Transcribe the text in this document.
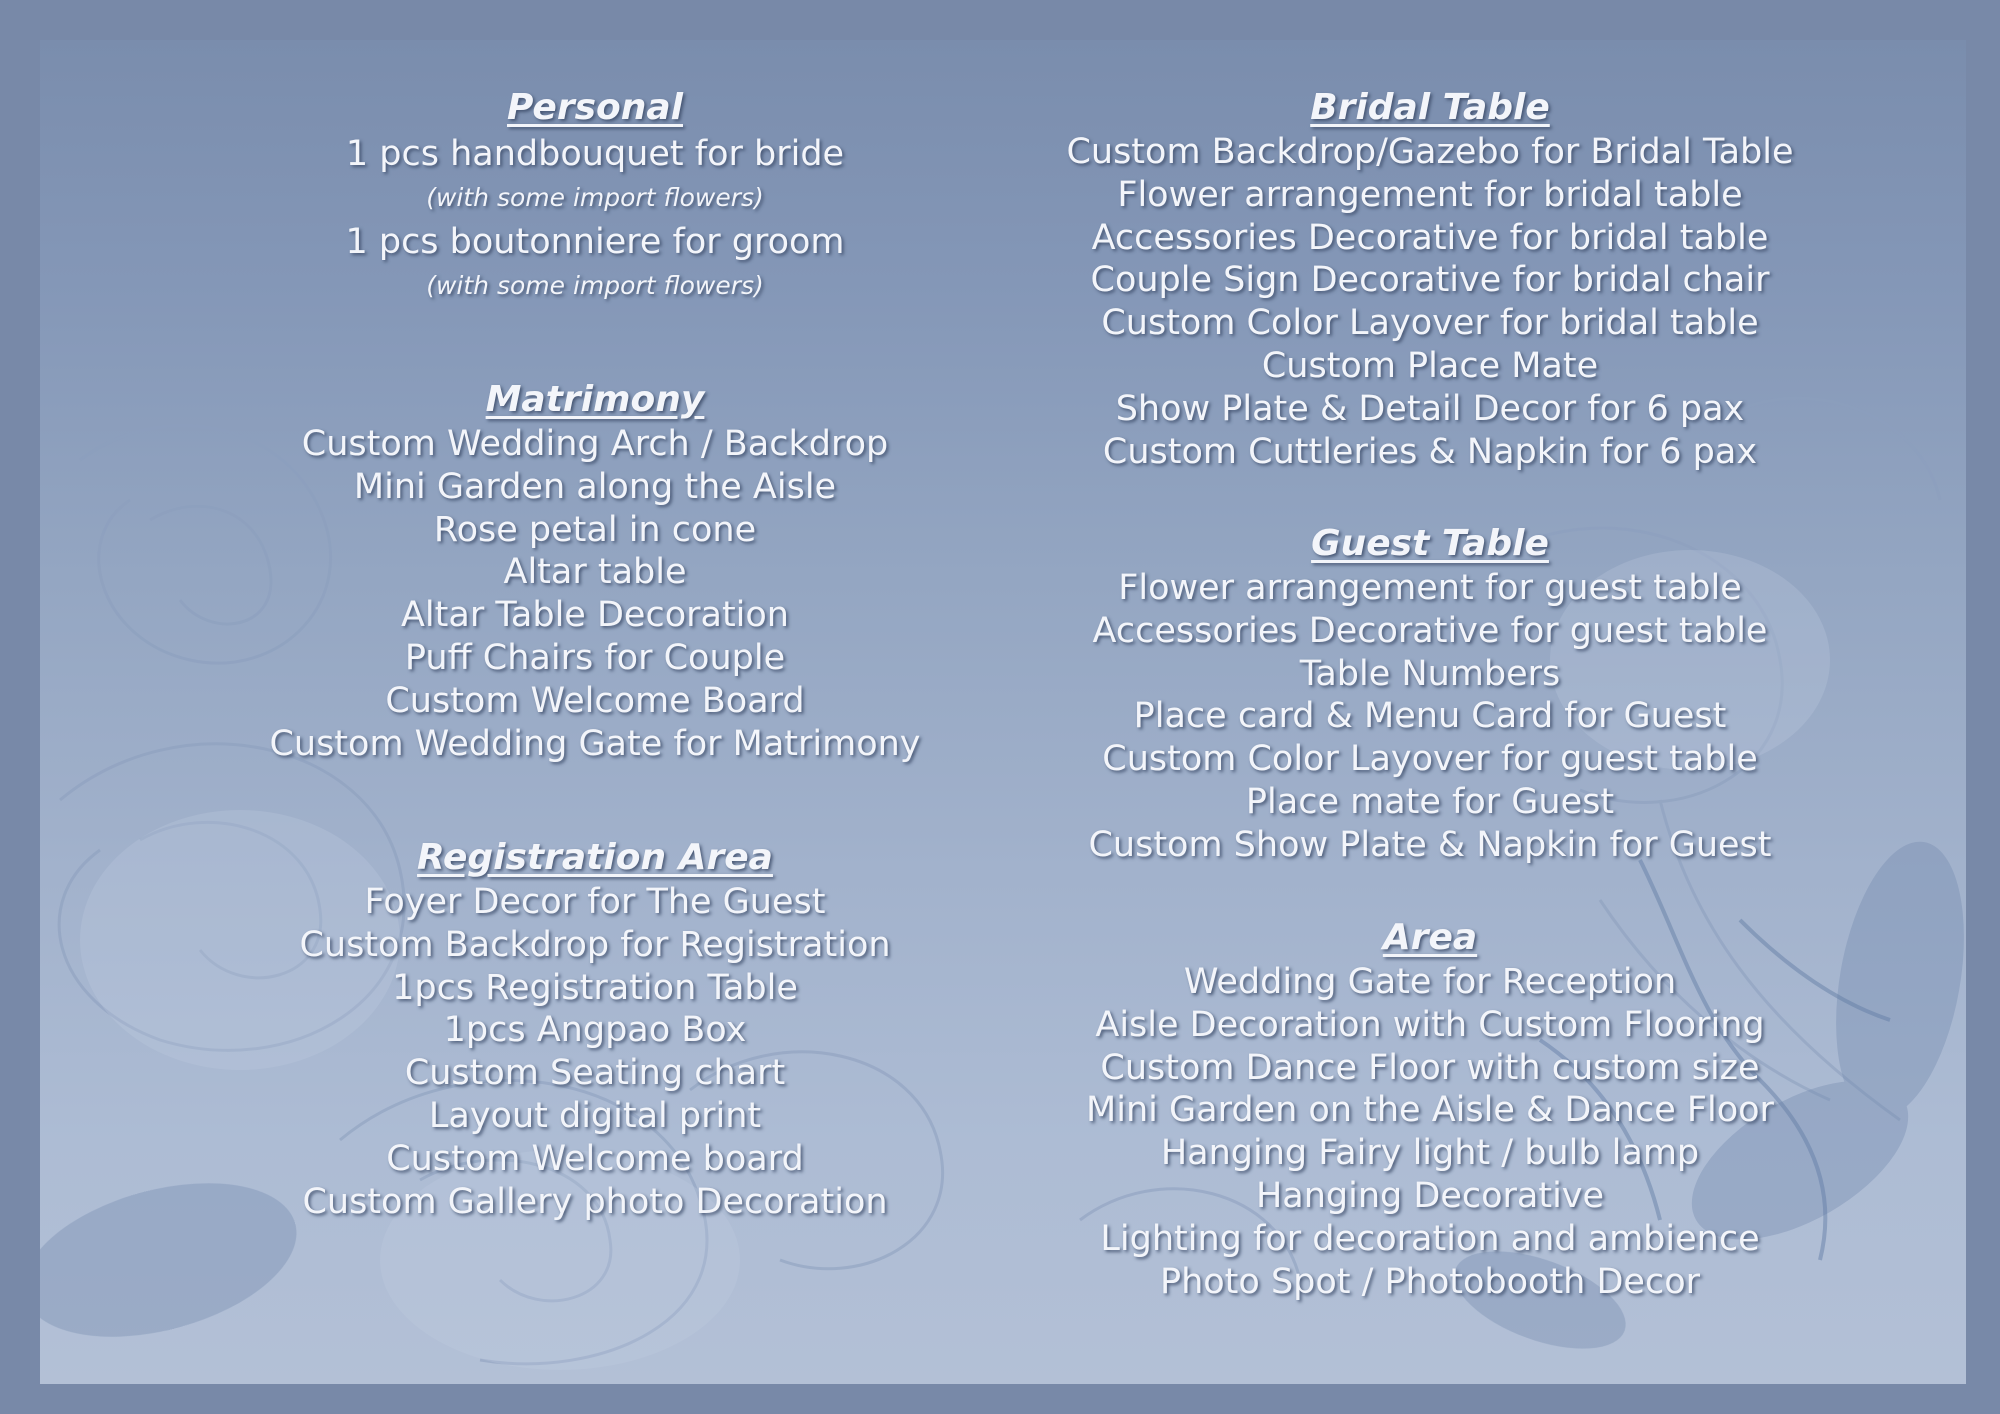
Personal
1 pcs handbouquet for bride
(with some import flowers)
1 pcs boutonniere for groom
(with some import flowers)
Matrimony
Custom Wedding Arch / Backdrop
Mini Garden along the Aisle
Rose petal in cone
Altar table
Altar Table Decoration
Puff Chairs for Couple
Custom Welcome Board
Custom Wedding Gate for Matrimony
Registration Area
Foyer Decor for The Guest
Custom Backdrop for Registration
1pcs Registration Table
1pcs Angpao Box
Custom Seating chart
Layout digital print
Custom Welcome board
Custom Gallery photo Decoration
Bridal Table
Custom Backdrop/Gazebo for Bridal Table
Flower arrangement for bridal table
Accessories Decorative for bridal table
Couple Sign Decorative for bridal chair
Custom Color Layover for bridal table
Custom Place Mate
Show Plate & Detail Decor for 6 pax
Custom Cuttleries & Napkin for 6 pax
Guest Table
Flower arrangement for guest table
Accessories Decorative for guest table
Table Numbers
Place card & Menu Card for Guest
Custom Color Layover for guest table
Place mate for Guest
Custom Show Plate & Napkin for Guest
Area
Wedding Gate for Reception
Aisle Decoration with Custom Flooring
Custom Dance Floor with custom size
Mini Garden on the Aisle & Dance Floor
Hanging Fairy light / bulb lamp
Hanging Decorative
Lighting for decoration and ambience
Photo Spot / Photobooth Decor
